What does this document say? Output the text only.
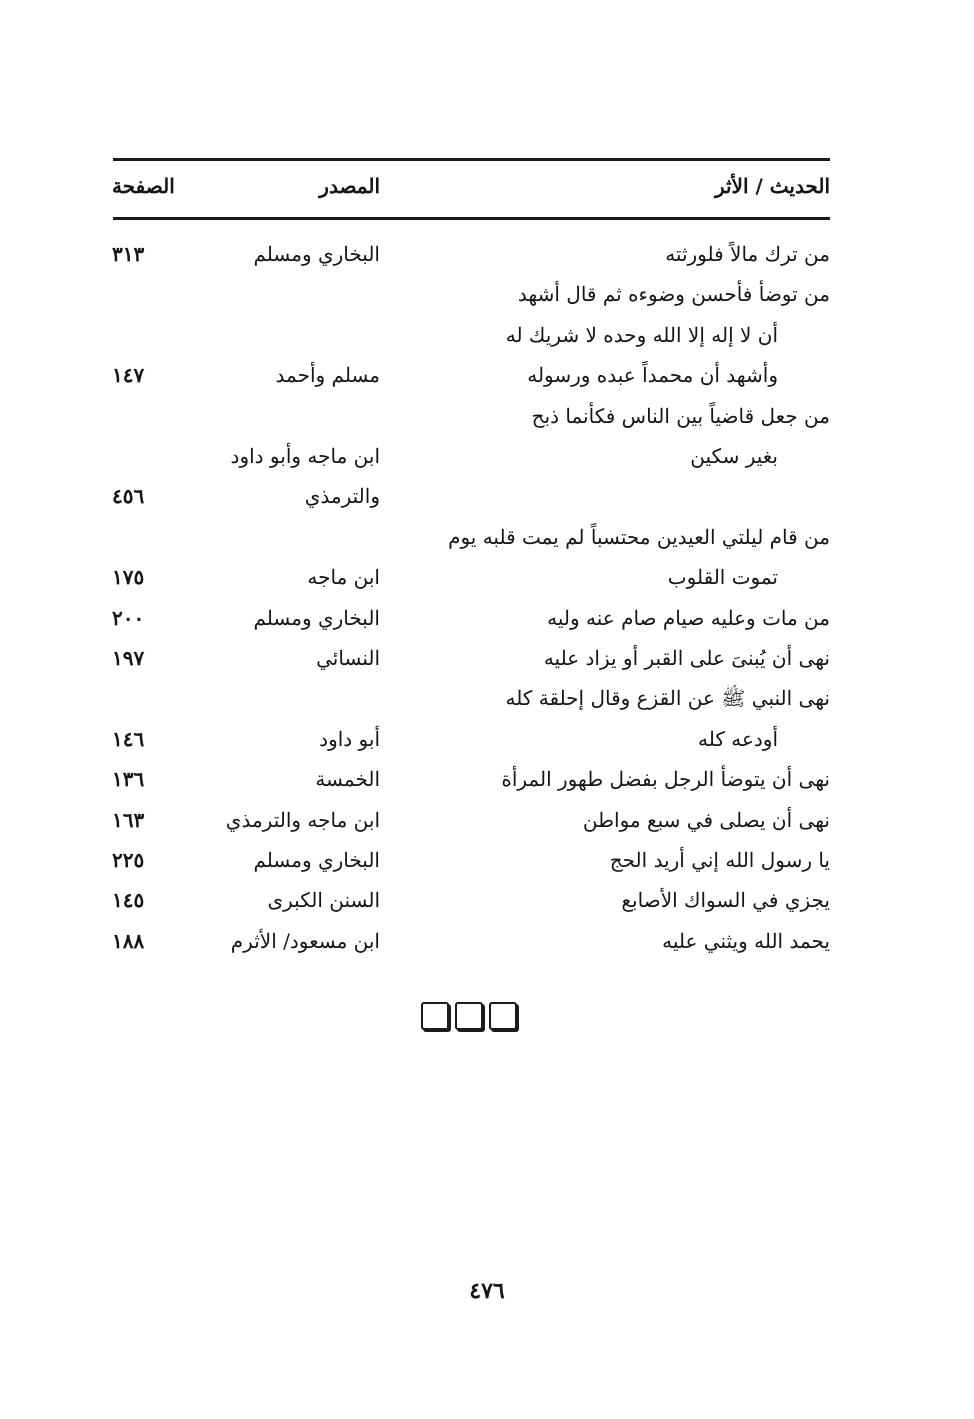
الحديث / الأثر
المصدر
الصفحة
من ترك مالاً فلورثته
البخاري ومسلم
٣١٣
من توضأ فأحسن وضوءه ثم قال أشهد
أن لا إله إلا الله وحده لا شريك له
وأشهد أن محمداً عبده ورسوله
مسلم وأحمد
١٤٧
من جعل قاضياً بين الناس فكأنما ذبح
بغير سكين
ابن ماجه وأبو داود
والترمذي
٤٥٦
من قام ليلتي العيدين محتسباً لم يمت قلبه يوم
تموت القلوب
ابن ماجه
١٧٥
من مات وعليه صيام صام عنه وليه
البخاري ومسلم
٢٠٠
نهى أن يُبنىَ على القبر أو يزاد عليه
النسائي
١٩٧
نهى النبي ﷺ عن القزع وقال إحلقة كله
أودعه كله
أبو داود
١٤٦
نهى أن يتوضأ الرجل بفضل طهور المرأة
الخمسة
١٣٦
نهى أن يصلى في سبع مواطن
ابن ماجه والترمذي
١٦٣
يا رسول الله إني أريد الحج
البخاري ومسلم
٢٢٥
يجزي في السواك الأصابع
السنن الكبرى
١٤٥
يحمد الله ويثني عليه
ابن مسعود/ الأثرم
١٨٨
٤٧٦
